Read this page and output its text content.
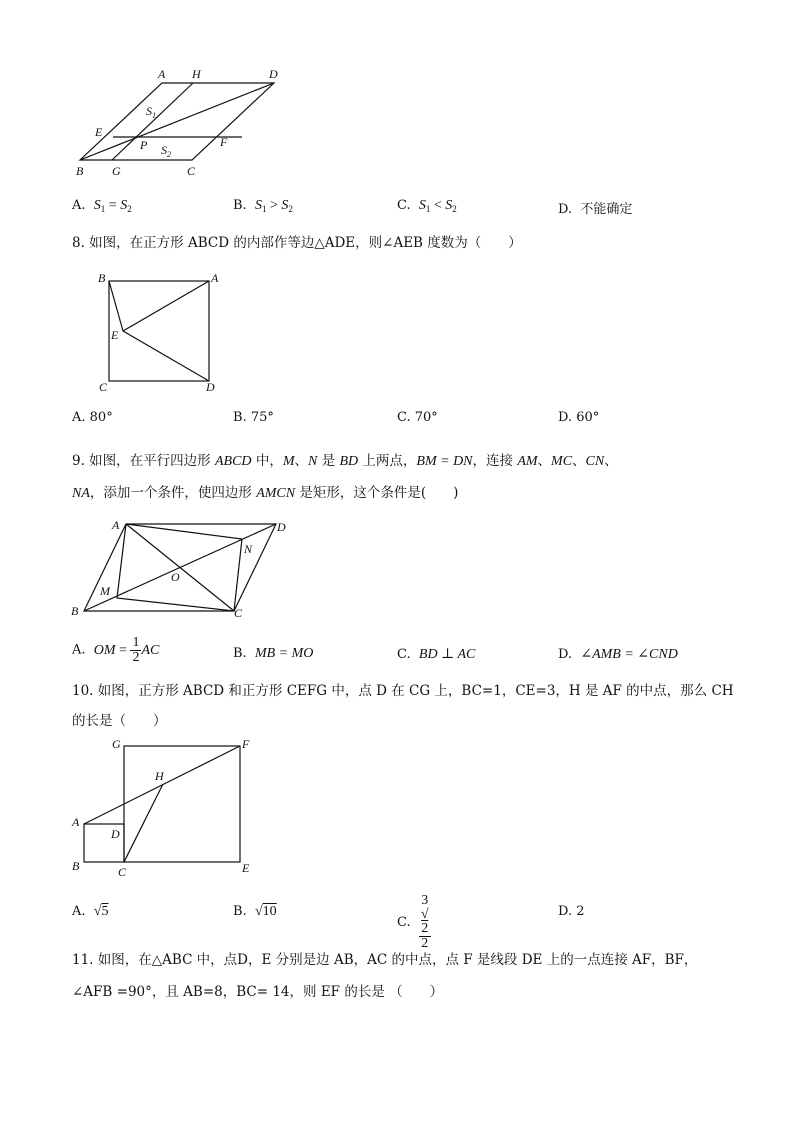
A H	D
$S_1$
E
P $S_2$
F
B G	C
A. $S_1 = S_2$	B. $S_1 > S_2$	C. $S_1 < S_2$	D. 不能确定
8. 如图，在正方形 ABCD 的内部作等边△ADE，则∠AEB 度数为（　　）
B	A
E
C	D
A. 80°	B. 75°	C. 70°	D. 60°
9. 如图，在平行四边形 ABCD 中，M、N 是 BD 上两点，BM = DN，连接 AM、MC、CN、
NA，添加一个条件，使四边形 AMCN 是矩形，这个条件是(　　)
A	D
N
O
M
B	C
A. OM = $\frac{1}{2}$ AC	B. MB = MO	C. BD ⊥ AC	D. ∠AMB = ∠CND
10. 如图，正方形 ABCD 和正方形 CEFG 中，点 D 在 CG 上，BC=1，CE=3，H 是 AF 的中点，那么 CH
的长是（　　）
G	F
H
A
D
B	C	E
A. √5	B. √10
C. 3
√
2
2	D. 2
11. 如图，在△ABC 中，点D，E 分别是边 AB，AC 的中点，点 F 是线段 DE 上的一点连接 AF，BF，
∠AFB =90°，且 AB=8，BC= 14，则 EF 的长是 （　　）
